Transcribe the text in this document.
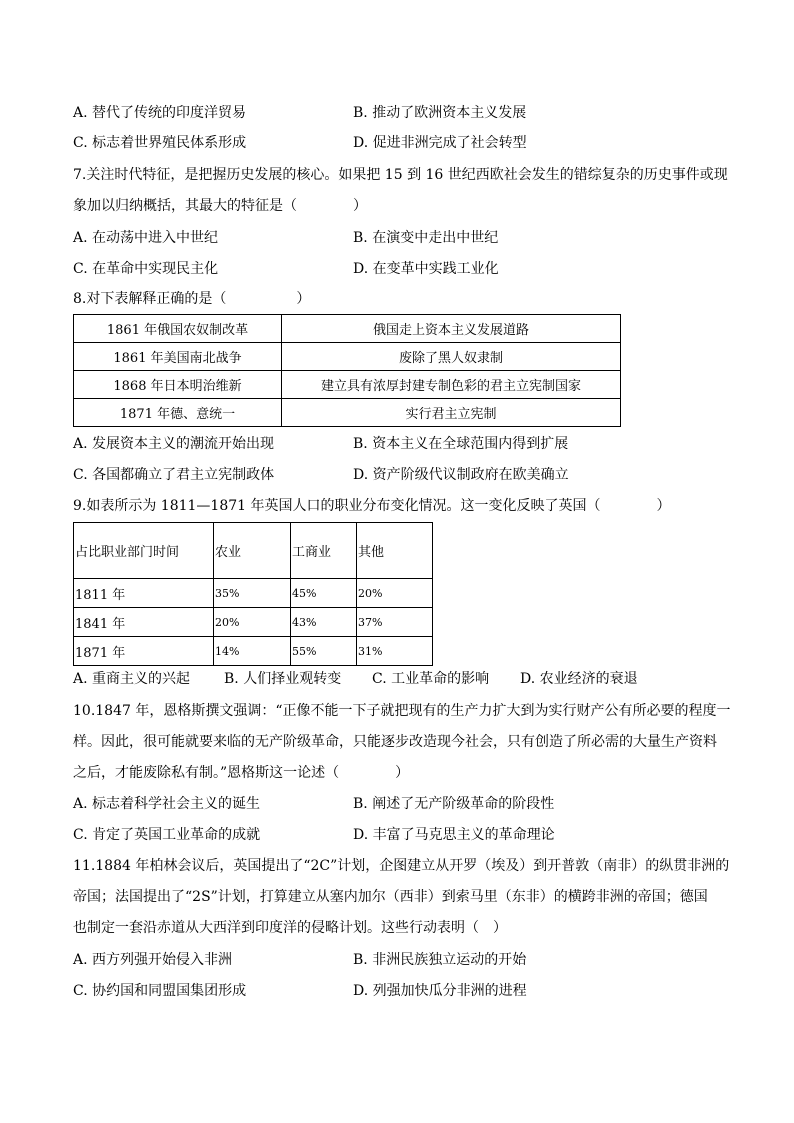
A. 替代了传统的印度洋贸易	B. 推动了欧洲资本主义发展
C. 标志着世界殖民体系形成	D. 促进非洲完成了社会转型
7.关注时代特征，是把握历史发展的核心。如果把 15 到 16 世纪西欧社会发生的错综复杂的历史事件或现
象加以归纳概括，其最大的特征是（　　　　）
A. 在动荡中进入中世纪	B. 在演变中走出中世纪
C. 在革命中实现民主化	D. 在变革中实践工业化
8.对下表解释正确的是（　　　　　）
1861 年俄国农奴制改革	俄国走上资本主义发展道路
1861 年美国南北战争	废除了黑人奴隶制
1868 年日本明治维新	建立具有浓厚封建专制色彩的君主立宪制国家
1871 年德、意统一	实行君主立宪制
A. 发展资本主义的潮流开始出现	B. 资本主义在全球范围内得到扩展
C. 各国都确立了君主立宪制政体	D. 资产阶级代议制政府在欧美确立
9.如表所示为 1811—1871 年英国人口的职业分布变化情况。这一变化反映了英国（　　　　）
占比职业部门时间	农业	工商业	其他
1811 年	35%	45%	20%
1841 年	20%	43%	37%
1871 年	14%	55%	31%
A. 重商主义的兴起 B. 人们择业观转变 C. 工业革命的影响 D. 农业经济的衰退
10.1847 年，恩格斯撰文强调：“正像不能一下子就把现有的生产力扩大到为实行财产公有所必要的程度一
样。因此，很可能就要来临的无产阶级革命，只能逐步改造现今社会，只有创造了所必需的大量生产资料
之后，才能废除私有制。”恩格斯这一论述（　　　　）
A. 标志着科学社会主义的诞生	B. 阐述了无产阶级革命的阶段性
C. 肯定了英国工业革命的成就	D. 丰富了马克思主义的革命理论
11.1884 年柏林会议后，英国提出了“2C”计划，企图建立从开罗（埃及）到开普敦（南非）的纵贯非洲的
帝国；法国提出了“2S”计划，打算建立从塞内加尔（西非）到索马里（东非）的横跨非洲的帝国；德国
也制定一套沿赤道从大西洋到印度洋的侵略计划。这些行动表明（　）
A. 西方列强开始侵入非洲	B. 非洲民族独立运动的开始
C. 协约国和同盟国集团形成	D. 列强加快瓜分非洲的进程
